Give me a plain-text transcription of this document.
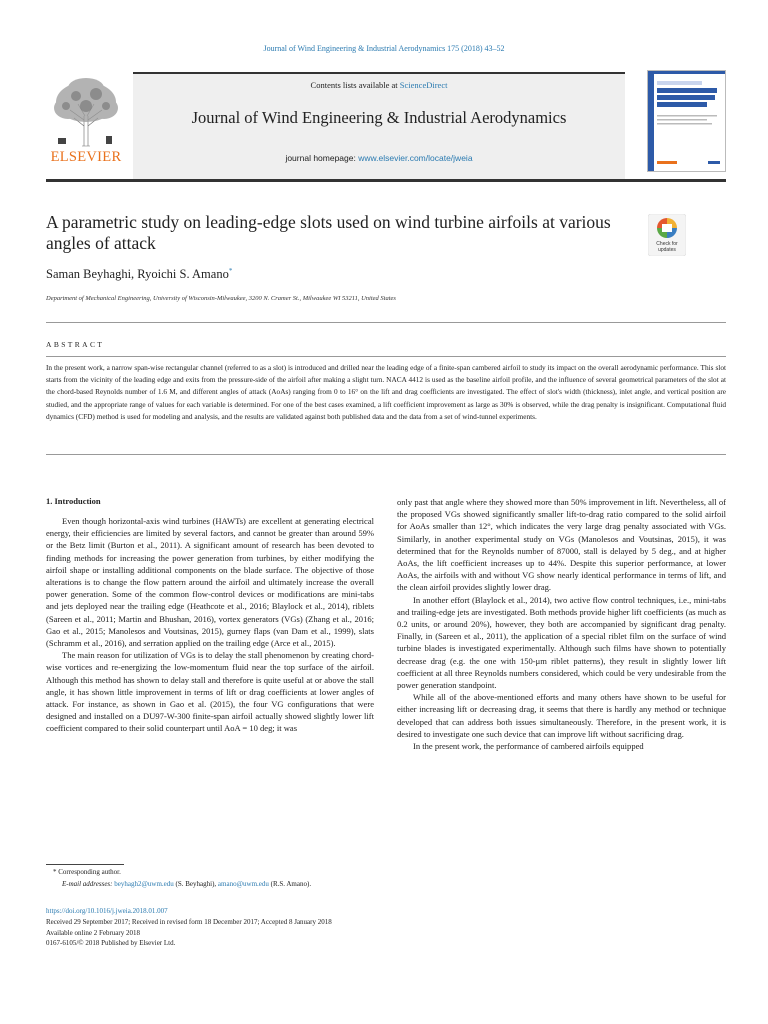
Journal of Wind Engineering & Industrial Aerodynamics 175 (2018) 43–52
Contents lists available at ScienceDirect
Journal of Wind Engineering & Industrial Aerodynamics
journal homepage: www.elsevier.com/locate/jweia
ELSEVIER
A parametric study on leading-edge slots used on wind turbine airfoils at various angles of attack	Check for
updates
Saman Beyhaghi, Ryoichi S. Amano*
Department of Mechanical Engineering, University of Wisconsin-Milwaukee, 3200 N. Cramer St., Milwaukee WI 53211, United States
ABSTRACT
In the present work, a narrow span-wise rectangular channel (referred to as a slot) is introduced and drilled near the leading edge of a finite-span cambered airfoil to study its impact on the overall aerodynamic performance. This slot starts from the vicinity of the leading edge and exits from the pressure-side of the airfoil after making a slight turn. NACA 4412 is used as the baseline airfoil profile, and the influence of several geometrical parameters of the slot at the chord-based Reynolds number of 1.6 M, and different angles of attack (AoAs) ranging from 0 to 16° on the lift and drag coefficients are investigated. The effect of slot's width (thickness), inlet angle, and vertical position are studied, and the appropriate range of values for each variable is determined. For one of the best cases examined, a lift coefficient improvement as large as 30% is observed, while the drag penalty is insignificant. Computational fluid dynamics (CFD) method is used for modeling and analysis, and the results are validated against both published data and the data from a set of wind-tunnel experiments.
1. Introduction

Even though horizontal-axis wind turbines (HAWTs) are excellent at generating electrical energy, their efficiencies are limited by several factors, and cannot be greater than around 59% or the Betz limit (Burton et al., 2011). A significant amount of research has been devoted to finding methods for increasing the power generation from turbines, by either modifying the airfoil shape or installing additional components on the blade surface. The objective of those alterations is to change the flow pattern around the airfoil and ultimately increase the overall power generation. Some of the common flow-control devices or modifications are mini-tabs and jets deployed near the trailing edge (Heathcote et al., 2016; Blaylock et al., 2014), riblets (Sareen et al., 2011; Martin and Bhushan, 2016), vortex generators (VGs) (Zhang et al., 2016; Gao et al., 2015; Manolesos and Voutsinas, 2015), gurney flaps (van Dam et al., 1999), slats (Schramm et al., 2016), and serration applied on the trailing edge (Arce et al., 2015).

The main reason for utilization of VGs is to delay the stall phenomenon by creating chord-wise vortices and re-energizing the low-momentum fluid near the top surface of the airfoil. Although this method has shown to delay stall and therefore is quite useful at or above the stall angle, it has shown little improvement in terms of lift or drag coefficients at lower angles of attack. For instance, as shown in Gao et al. (2015), the four VG configurations that were designed and installed on a DU97-W-300 finite-span airfoil actually showed slightly lower lift coefficient compared to their solid counterpart until AoA = 10 deg; it was

only past that angle where they showed more than 50% improvement in lift. Nevertheless, all of the proposed VGs showed significantly smaller lift-to-drag ratio compared to the solid airfoil for AoAs smaller than 12°, which indicates the very large drag penalty associated with VGs. Similarly, in another experimental study on VGs (Manolesos and Voutsinas, 2015), it was determined that for the Reynolds number of 87000, stall is delayed by 5 deg., and at higher AoAs, the lift coefficient increases up to 44%. Despite this superior performance, at lower AoAs, the airfoils with and without VG show nearly identical performance in terms of lift, and the clean airfoil provides slightly lower drag.

In another effort (Blaylock et al., 2014), two active flow control techniques, i.e., mini-tabs and trailing-edge jets are investigated. Both methods provide higher lift coefficients (as much as 0.2 units, or around 20%), however, they both are accompanied by significant drag penalty. Finally, in (Sareen et al., 2011), the application of a special riblet film on the surface of wind turbine blades is investigated experimentally. Although such films have shown to potentially decrease drag (e.g. the one with 150-μm riblet patterns), they result in slightly lower lift coefficient at all three Reynolds numbers considered, which could be very undesirable from the power generation standpoint.

While all of the above-mentioned efforts and many others have shown to be useful for either increasing lift or decreasing drag, it seems that there is hardly any method or technique developed that can address both issues simultaneously. Therefore, in the present work, it is desired to investigate one such device that can improve lift without sacrificing drag.

In the present work, the performance of cambered airfoils equipped

* Corresponding author.
E-mail addresses: beyhagh2@uwm.edu (S. Beyhaghi), amano@uwm.edu (R.S. Amano).
https://doi.org/10.1016/j.jweia.2018.01.007
Received 29 September 2017; Received in revised form 18 December 2017; Accepted 8 January 2018
Available online 2 February 2018
0167-6105/© 2018 Published by Elsevier Ltd.
